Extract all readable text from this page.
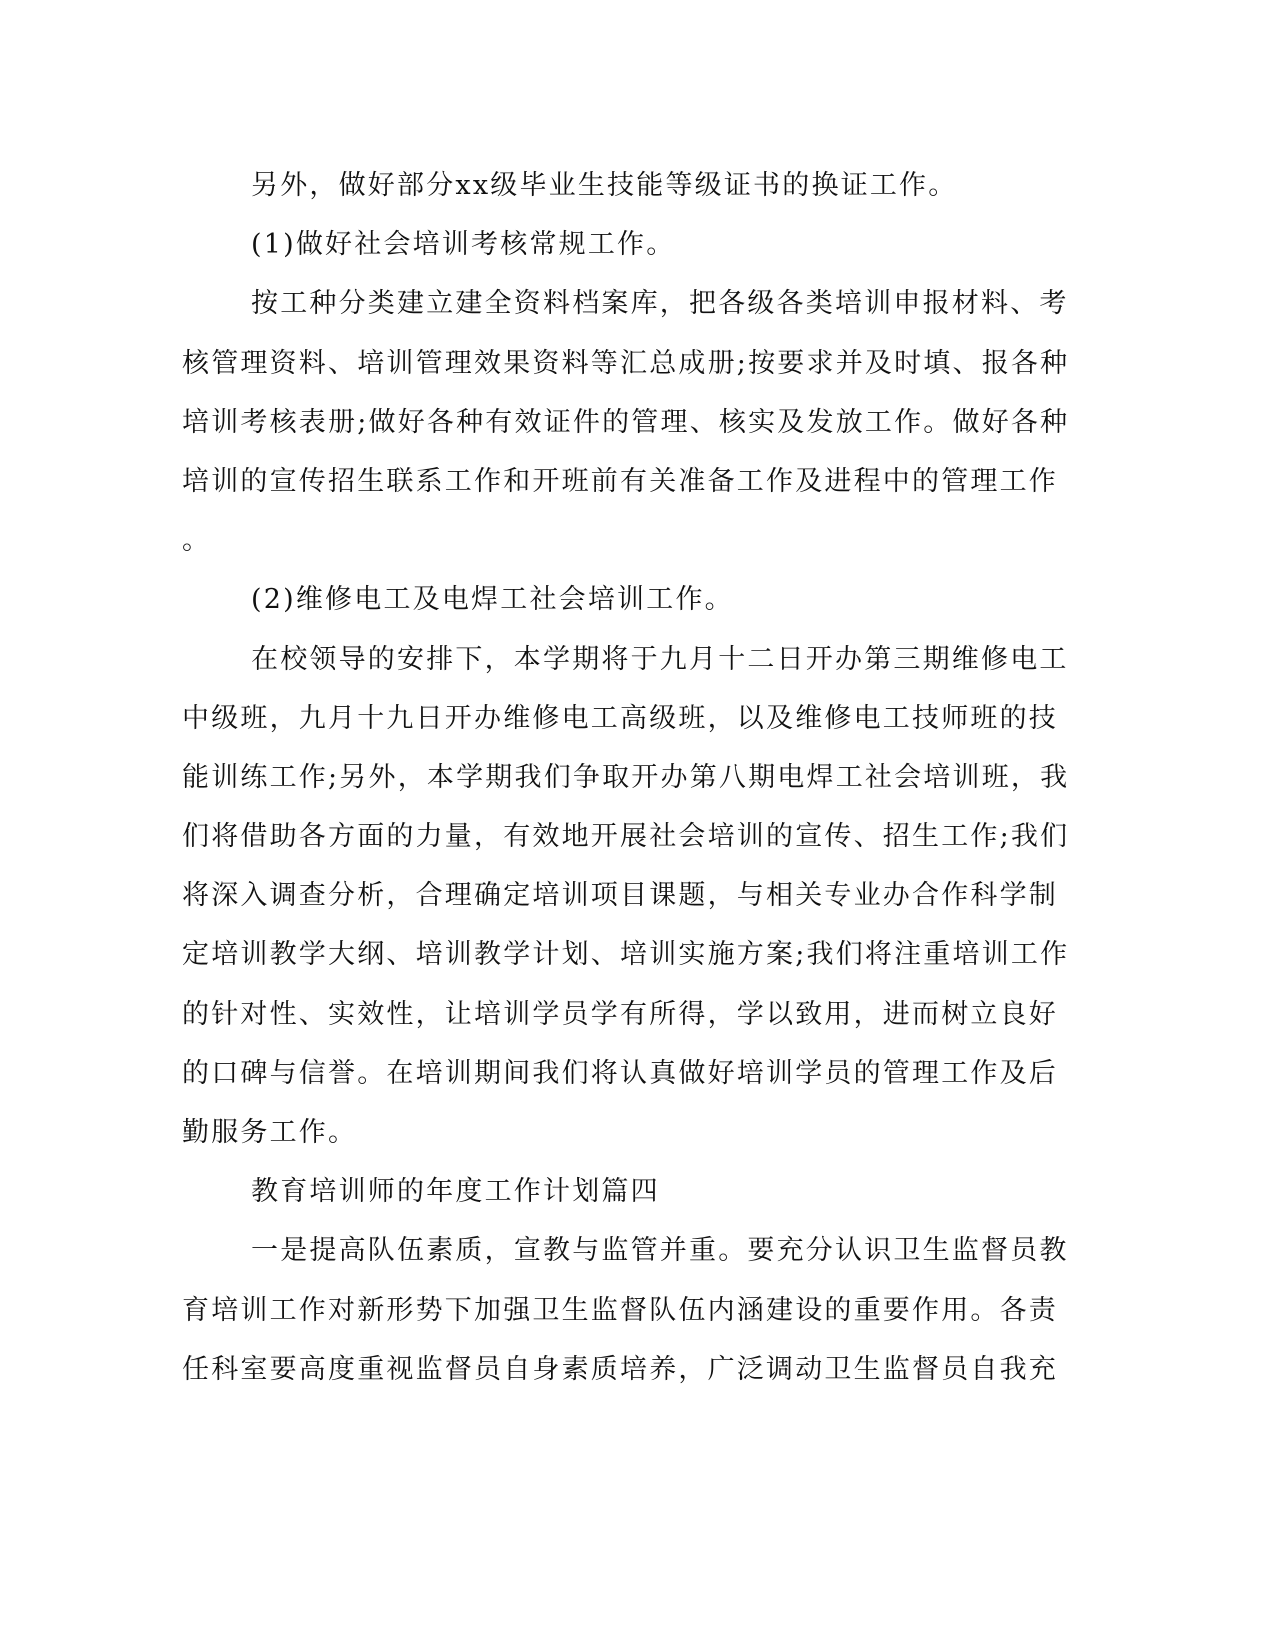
另外，做好部分xx级毕业生技能等级证书的换证工作。
(1)做好社会培训考核常规工作。
按工种分类建立建全资料档案库，把各级各类培训申报材料、考
核管理资料、培训管理效果资料等汇总成册;按要求并及时填、报各种
培训考核表册;做好各种有效证件的管理、核实及发放工作。做好各种
培训的宣传招生联系工作和开班前有关准备工作及进程中的管理工作
。
(2)维修电工及电焊工社会培训工作。
在校领导的安排下，本学期将于九月十二日开办第三期维修电工
中级班，九月十九日开办维修电工高级班，以及维修电工技师班的技
能训练工作;另外，本学期我们争取开办第八期电焊工社会培训班，我
们将借助各方面的力量，有效地开展社会培训的宣传、招生工作;我们
将深入调查分析，合理确定培训项目课题，与相关专业办合作科学制
定培训教学大纲、培训教学计划、培训实施方案;我们将注重培训工作
的针对性、实效性，让培训学员学有所得，学以致用，进而树立良好
的口碑与信誉。在培训期间我们将认真做好培训学员的管理工作及后
勤服务工作。
教育培训师的年度工作计划篇四
一是提高队伍素质，宣教与监管并重。要充分认识卫生监督员教
育培训工作对新形势下加强卫生监督队伍内涵建设的重要作用。各责
任科室要高度重视监督员自身素质培养，广泛调动卫生监督员自我充
